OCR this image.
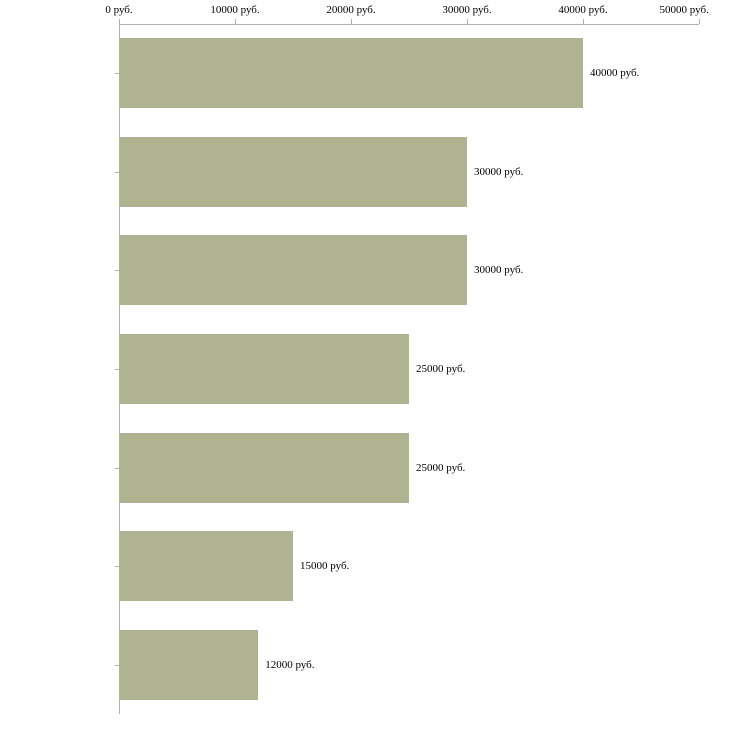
0 руб.	10000 руб.	20000 руб.	30000 руб.	40000 руб.	50000 руб.
40000 руб.
30000 руб.
30000 руб.
25000 руб.
25000 руб.
15000 руб.
12000 руб.
